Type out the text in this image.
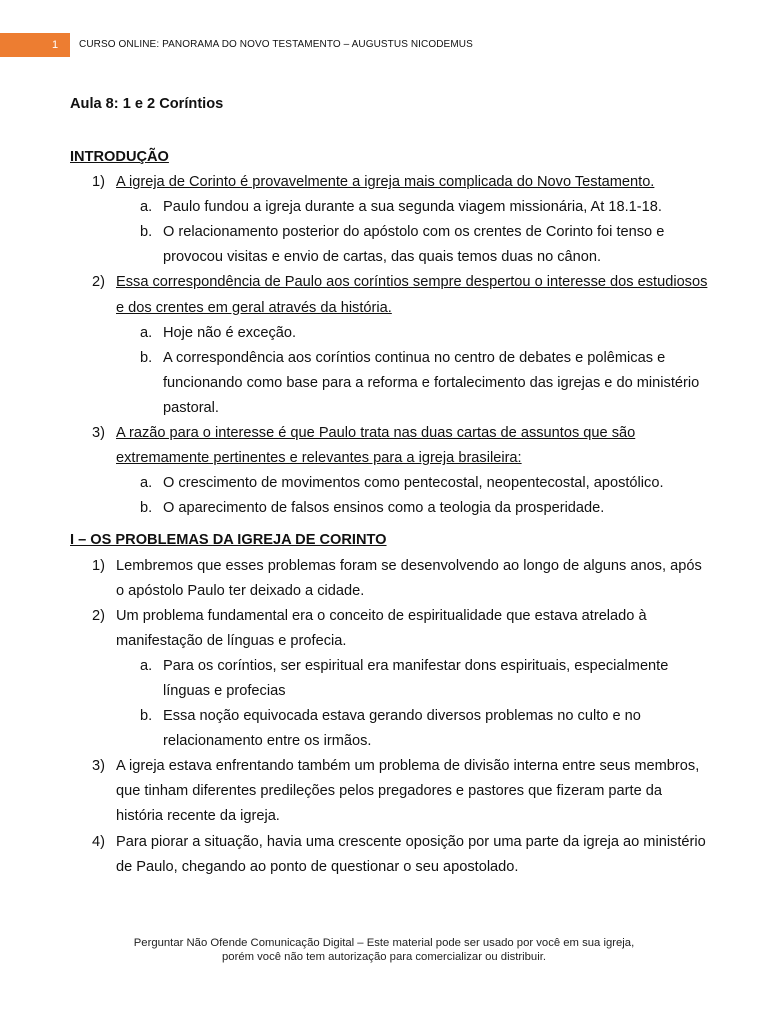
1	CURSO ONLINE: PANORAMA DO NOVO TESTAMENTO – AUGUSTUS NICODEMUS

Aula 8: 1 e 2 Coríntios

INTRODUÇÃO

1) A igreja de Corinto é provavelmente a igreja mais complicada do Novo Testamento.
a. Paulo fundou a igreja durante a sua segunda viagem missionária, At 18.1-18.
b. O relacionamento posterior do apóstolo com os crentes de Corinto foi tenso e provocou visitas e envio de cartas, das quais temos duas no cânon.
2) Essa correspondência de Paulo aos coríntios sempre despertou o interesse dos estudiosos e dos crentes em geral através da história.
a. Hoje não é exceção.
b. A correspondência aos coríntios continua no centro de debates e polêmicas e funcionando como base para a reforma e fortalecimento das igrejas e do ministério pastoral.
3) A razão para o interesse é que Paulo trata nas duas cartas de assuntos que são extremamente pertinentes e relevantes para a igreja brasileira:
a. O crescimento de movimentos como pentecostal, neopentecostal, apostólico.
b. O aparecimento de falsos ensinos como a teologia da prosperidade.

I – OS PROBLEMAS DA IGREJA DE CORINTO

1) Lembremos que esses problemas foram se desenvolvendo ao longo de alguns anos, após o apóstolo Paulo ter deixado a cidade.
2) Um problema fundamental era o conceito de espiritualidade que estava atrelado à manifestação de línguas e profecia.
a. Para os coríntios, ser espiritual era manifestar dons espirituais, especialmente línguas e profecias
b. Essa noção equivocada estava gerando diversos problemas no culto e no relacionamento entre os irmãos.
3) A igreja estava enfrentando também um problema de divisão interna entre seus membros, que tinham diferentes predileções pelos pregadores e pastores que fizeram parte da história recente da igreja.
4) Para piorar a situação, havia uma crescente oposição por uma parte da igreja ao ministério de Paulo, chegando ao ponto de questionar o seu apostolado.
Perguntar Não Ofende Comunicação Digital – Este material pode ser usado por você em sua igreja,
porém você não tem autorização para comercializar ou distribuir.
